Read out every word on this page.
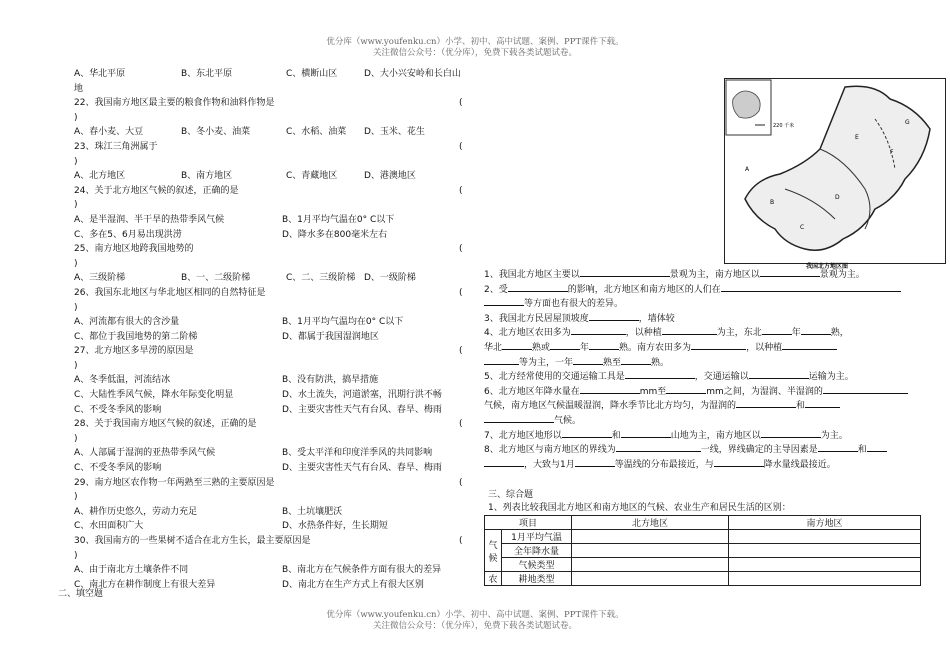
优分库（www.youfenku.cn）小学、初中、高中试题、案例、PPT课件下载。
关注微信公众号：（优分库），免费下载各类试题试卷。
A、华北平原	B、东北平原	C、横断山区	D、大小兴安岭和长白山
地
22、我国南方地区最主要的粮食作物和油料作物是	(
)
A、春小麦、大豆	B、冬小麦、油菜	C、水稻、油菜 D、玉米、花生
23、珠江三角洲属于	(
)
A、北方地区	B、南方地区	C、青藏地区	D、港澳地区
24、关于北方地区气候的叙述，正确的是	(
)
A、是半湿润、半干旱的热带季风气候	B、1月平均气温在0° C以下
C、多在5、6月易出现洪涝	D、降水多在800毫米左右
25、南方地区地跨我国地势的	(
)
A、三级阶梯	B、一、二级阶梯	C、二、三级阶梯 D、一级阶梯
26、我国东北地区与华北地区相同的自然特征是	(
)
A、河流都有很大的含沙量	B、1月平均气温均在0° C以下
C、都位于我国地势的第二阶梯	D、都属于我国湿润地区
27、北方地区多旱涝的原因是	(
)
A、冬季低温，河流结冰	B、没有防洪，搞旱措施
C、大陆性季风气候，降水年际变化明显	D、水土流失，河道淤塞，汛期行洪不畅
C、不受冬季风的影响	D、主要灾害性天气有台风、春旱、梅雨
28、关于我国南方地区气候的叙述，正确的是	(
)
A、人部属于湿润的亚热带季风气候	B、受太平洋和印度洋季风的共同影响
C、不受冬季风的影响	D、主要灾害性天气有台风、春旱、梅雨
29、南方地区农作物一年两熟至三熟的主要原因是	(
)
A、耕作历史悠久，劳动力充足	B、土坑壤肥沃
C、水田面积广大	D、水热条件好，生长期短
30、我国南方的一些果树不适合在北方生长，最主要原因是	(
)
A、由于南北方土壤条件不同	B、南北方在气候条件方面有很大的差异
C、南北方在耕作制度上有很大差异	D、南北方在生产方式上有很大区别
二、填空题
220 千米
A
B
C
D
E
F
G
我国北方地区图
1、我国北方地区主要以	景观为主，南方地区以	景观为主。
2、受	的影响，北方地区和南方地区的人们在
等方面也有很大的差异。
3、我国北方民居屋顶坡度	，墙体较
4、北方地区农田多为	，以种植	为主，东北	年	熟，
华北	熟或	年	熟。南方农田多为	，以种植
等为主，一年	熟至	熟。
5、北方经常使用的交通运输工具是	，交通运输以	运输为主。
6、北方地区年降水量在	mm至	mm之间，为湿润、半湿润的
气候，南方地区气候温暖湿润，降水季节比北方均匀，为湿润的	和
气候。
7、北方地区地形以	和	山地为主，南方地区以	为主。
8、北方地区与南方地区的界线为	一线，界线确定的主导因素是	和
，大致与1月	等温线的分布最接近，与	降水量线最接近。
三、综合题
1、列表比较我国北方地区和南方地区的气候、农业生产和居民生活的区别：
项目		北方地区	南方地区
气候	1月平均气温		
	全年降水量		
	气候类型		
农	耕地类型		
优分库（www.youfenku.cn）小学、初中、高中试题、案例、PPT课件下载。
关注微信公众号：（优分库），免费下载各类试题试卷。
